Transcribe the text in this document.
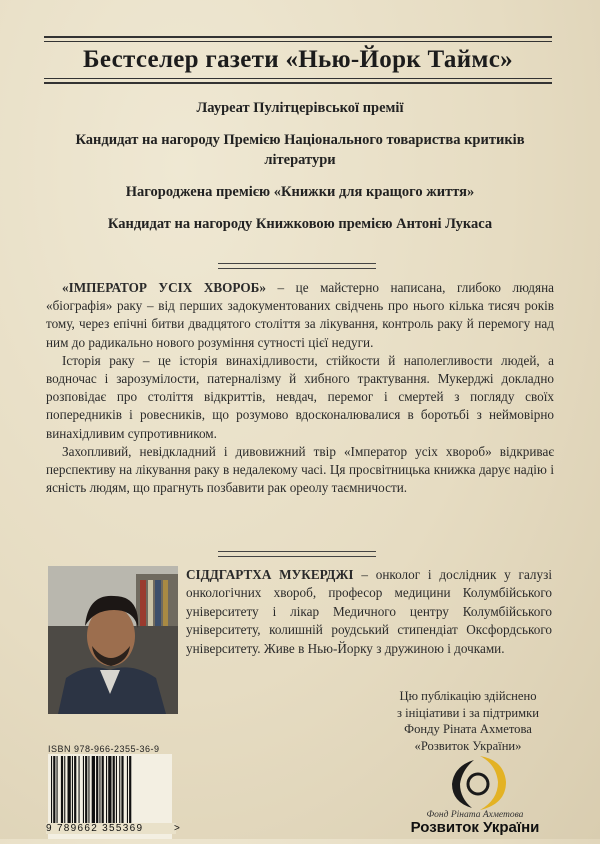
Бестселер газети «Нью-Йорк Таймс»

Лауреат Пулітцерівської премії

Кандидат на нагороду Премією Національного товариства критиків літератури

Нагороджена премією «Книжки для кращого життя»

Кандидат на нагороду Книжковою премією Антоні Лукаса

«ІМПЕРАТОР УСІХ ХВОРОБ» – це майстерно написана, глибоко людяна «біографія» раку – від перших задокументованих свідчень про нього кілька тисяч років тому, через епічні битви двадцятого століття за лікування, контроль раку й перемогу над ним до радикально нового розуміння сутності цієї недуги.

Історія раку – це історія винахідливости, стійкости й наполегливости людей, а водночас і зарозумілости, патерналізму й хибного трактування. Мукерджі докладно розповідає про століття відкриттів, невдач, перемог і смертей з погляду своїх попередників і ровесників, що розумово вдосконалювалися в боротьбі з неймовірно винахідливим супротивником.

Захопливий, невідкладний і дивовижний твір «Імператор усіх хвороб» відкриває перспективу на лікування раку в недалекому часі. Ця просвітницька книжка дарує надію і ясність людям, що прагнуть позбавити рак ореолу таємничости.

СІДДГАРТХА МУКЕРДЖІ – онколог і дослідник у галузі онкологічних хвороб, професор медицини Колумбійського університету і лікар Медичного центру Колумбійського університету, колишній роудський стипендіат Оксфордського університету. Живе в Нью-Йорку з дружиною і дочками.
Цю публікацію здійснено
з ініціативи і за підтримки
Фонду Ріната Ахметова
«Розвиток України»
ISBN 978-966-2355-36-9
9 789662 355369	>
Фонд Ріната Ахметова
Розвиток України
